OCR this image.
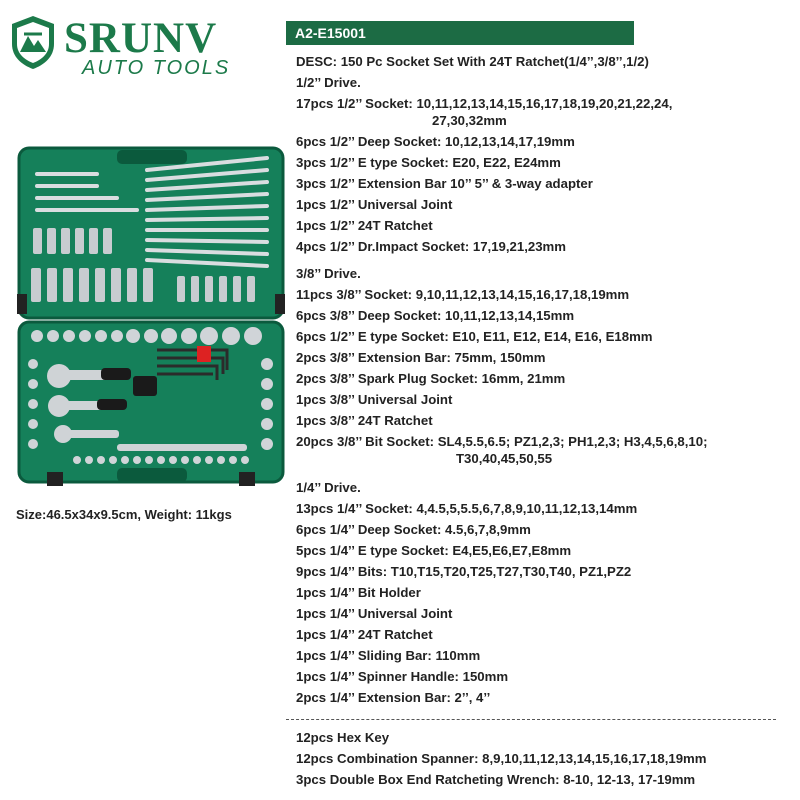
SRUNV
AUTO TOOLS
Size:46.5x34x9.5cm, Weight: 11kgs
A2-E15001
DESC: 150 Pc Socket Set With 24T Ratchet(1/4’’,3/8’’,1/2)
1/2’’ Drive.
17pcs 1/2’’ Socket: 10,11,12,13,14,15,16,17,18,19,20,21,22,24,
27,30,32mm
6pcs 1/2’’ Deep Socket: 10,12,13,14,17,19mm
3pcs 1/2’’ E type Socket: E20, E22, E24mm
3pcs 1/2’’ Extension Bar 10’’ 5’’ & 3-way adapter
1pcs 1/2’’ Universal Joint
1pcs 1/2’’ 24T Ratchet
4pcs 1/2’’ Dr.Impact Socket: 17,19,21,23mm
3/8’’ Drive.
11pcs 3/8’’ Socket: 9,10,11,12,13,14,15,16,17,18,19mm
6pcs 3/8’’ Deep Socket: 10,11,12,13,14,15mm
6pcs 1/2’’ E type Socket: E10, E11, E12, E14, E16, E18mm
2pcs 3/8’’ Extension Bar: 75mm, 150mm
2pcs 3/8’’ Spark Plug Socket: 16mm, 21mm
1pcs 3/8’’ Universal Joint
1pcs 3/8’’ 24T Ratchet
20pcs 3/8’’ Bit Socket: SL4,5.5,6.5; PZ1,2,3; PH1,2,3; H3,4,5,6,8,10;
T30,40,45,50,55
1/4’’ Drive.
13pcs 1/4’’ Socket: 4,4.5,5,5.5,6,7,8,9,10,11,12,13,14mm
6pcs 1/4’’ Deep Socket: 4.5,6,7,8,9mm
5pcs 1/4’’ E type Socket: E4,E5,E6,E7,E8mm
9pcs 1/4’’ Bits: T10,T15,T20,T25,T27,T30,T40, PZ1,PZ2
1pcs 1/4’’ Bit Holder
1pcs 1/4’’ Universal Joint
1pcs 1/4’’ 24T Ratchet
1pcs 1/4’’ Sliding Bar: 110mm
1pcs 1/4’’ Spinner Handle: 150mm
2pcs 1/4’’ Extension Bar: 2’’, 4’’
12pcs Hex Key
12pcs Combination Spanner: 8,9,10,11,12,13,14,15,16,17,18,19mm
3pcs Double Box End Ratcheting Wrench: 8-10, 12-13, 17-19mm
